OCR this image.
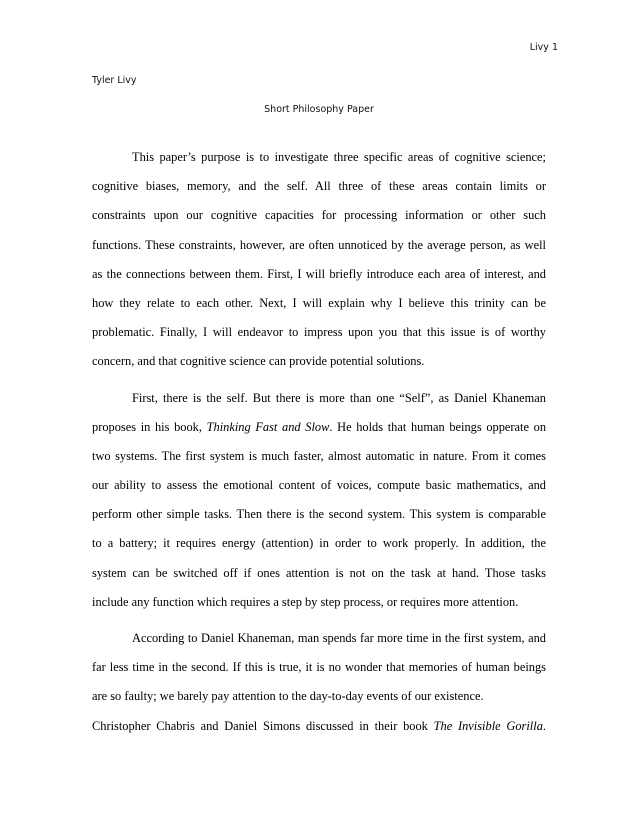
Livy 1
Tyler Livy
Short Philosophy Paper
This paper’s purpose is to investigate three specific areas of cognitive science;
cognitive biases, memory, and the self. All three of these areas contain limits or
constraints upon our cognitive capacities for processing information or other such
functions. These constraints, however, are often unnoticed by the average person, as well
as the connections between them. First, I will briefly introduce each area of interest, and
how they relate to each other. Next, I will explain why I believe this trinity can be
problematic. Finally, I will endeavor to impress upon you that this issue is of worthy
concern, and that cognitive science can provide potential solutions.
First, there is the self. But there is more than one “Self”, as Daniel Khaneman
proposes in his book, Thinking Fast and Slow. He holds that human beings opperate on
two systems. The first system is much faster, almost automatic in nature. From it comes
our ability to assess the emotional content of voices, compute basic mathematics, and
perform other simple tasks. Then there is the second system. This system is comparable
to a battery; it requires energy (attention) in order to work properly. In addition, the
system can be switched off if ones attention is not on the task at hand. Those tasks
include any function which requires a step by step process, or requires more attention.
According to Daniel Khaneman, man spends far more time in the first system, and
far less time in the second. If this is true, it is no wonder that memories of human beings
are so faulty; we barely pay attention to the day-to-day events of our existence.
Christopher Chabris and Daniel Simons discussed in their book The Invisible Gorilla.
